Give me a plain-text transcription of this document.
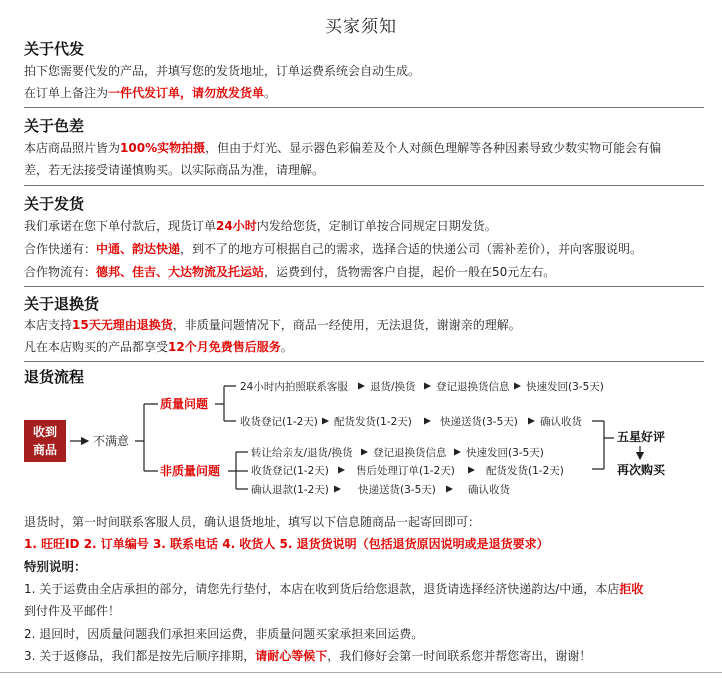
买家须知
关于代发
拍下您需要代发的产品，并填写您的发货地址，订单运费系统会自动生成。
在订单上备注为一件代发订单，请勿放发货单。
关于色差
本店商品照片皆为100%实物拍摄，但由于灯光、显示器色彩偏差及个人对颜色理解等各种因素导致少数实物可能会有偏
差，若无法接受请谨慎购买。以实际商品为准，请理解。
关于发货
我们承诺在您下单付款后，现货订单24小时内发给您货，定制订单按合同规定日期发货。
合作快递有：中通、韵达快递，到不了的地方可根据自己的需求，选择合适的快递公司（需补差价），并向客服说明。
合作物流有：德邦、佳吉、大达物流及托运站，运费到付，货物需客户自提，起价一般在50元左右。
关于退换货
本店支持15天无理由退换货，非质量问题情况下，商品一经使用，无法退货，谢谢亲的理解。
凡在本店购买的产品都享受12个月免费售后服务。
退货流程
收到
商品
不满意
质量问题
非质量问题
24小时内拍照联系客服 退货/换货 登记退换货信息 快速发回(3-5天)
收货登记(1-2天) 配货发货(1-2天)	快递送货(3-5天) 确认收货
转让给亲友/退货/换货 登记退换货信息 快速发回(3-5天)
收货登记(1-2天)	售后处理订单(1-2天)	配货发货(1-2天)
确认退款(1-2天)	快递送货(3-5天)	确认收货
五星好评
再次购买
退货时，第一时间联系客服人员，确认退货地址，填写以下信息随商品一起寄回即可：
1. 旺旺ID 2. 订单编号 3. 联系电话 4. 收货人 5. 退货货说明（包括退货原因说明或是退货要求）
特别说明：
1. 关于运费由全店承担的部分，请您先行垫付，本店在收到货后给您退款，退货请选择经济快递韵达/中通，本店拒收
到付件及平邮件！
2. 退回时，因质量问题我们承担来回运费，非质量问题买家承担来回运费。
3. 关于返修品，我们都是按先后顺序排期，请耐心等候下，我们修好会第一时间联系您并帮您寄出，谢谢！
